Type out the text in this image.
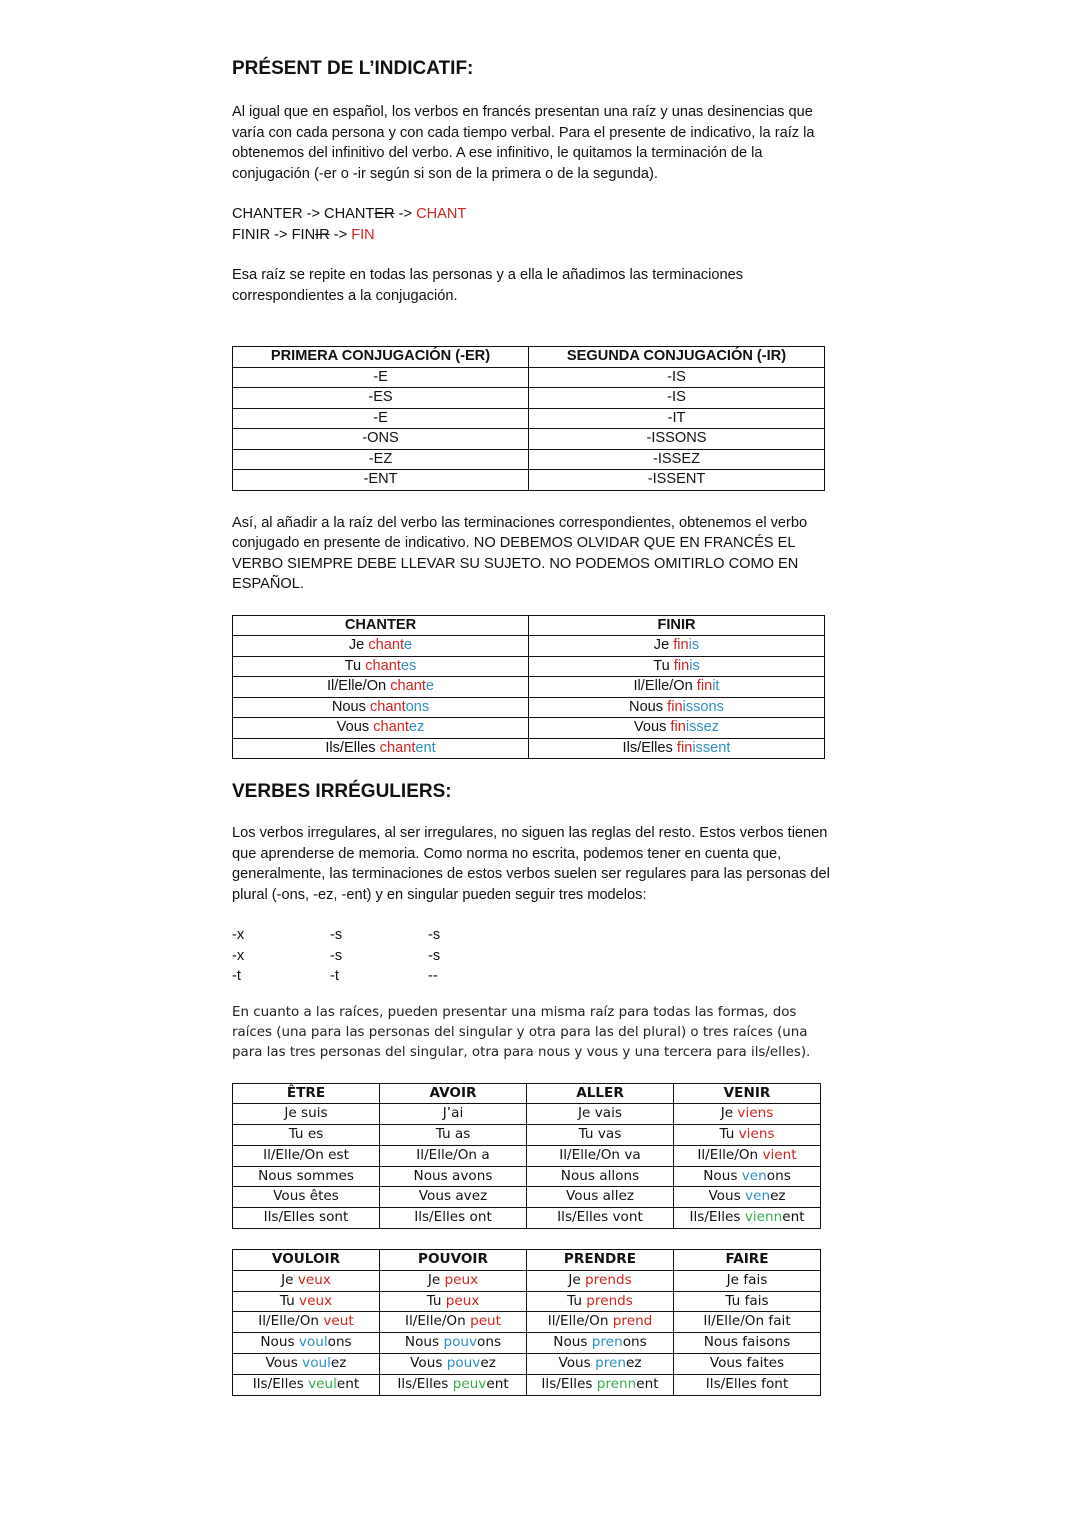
PRÉSENT DE L’INDICATIF:

Al igual que en español, los verbos en francés presentan una raíz y unas desinencias que varía con cada persona y con cada tiempo verbal. Para el presente de indicativo, la raíz la obtenemos del infinitivo del verbo. A ese infinitivo, le quitamos la terminación de la conjugación (-er o -ir según si son de la primera o de la segunda).

CHANTER -> CHANTER -> CHANT
FINIR -> FINIR -> FIN

Esa raíz se repite en todas las personas y a ella le añadimos las terminaciones correspondientes a la conjugación.

PRIMERA CONJUGACIÓN (-ER)	SEGUNDA CONJUGACIÓN (-IR)
-E	-IS
-ES	-IS
-E	-IT
-ONS	-ISSONS
-EZ	-ISSEZ
-ENT	-ISSENT

Así, al añadir a la raíz del verbo las terminaciones correspondientes, obtenemos el verbo conjugado en presente de indicativo. NO DEBEMOS OLVIDAR QUE EN FRANCÉS EL VERBO SIEMPRE DEBE LLEVAR SU SUJETO. NO PODEMOS OMITIRLO COMO EN ESPAÑOL.

CHANTER	FINIR
Je chante	Je finis
Tu chantes	Tu finis
Il/Elle/On chante	Il/Elle/On finit
Nous chantons	Nous finissons
Vous chantez	Vous finissez
Ils/Elles chantent	Ils/Elles finissent
VERBES IRRÉGULIERS:

Los verbos irregulares, al ser irregulares, no siguen las reglas del resto. Estos verbos tienen que aprenderse de memoria. Como norma no escrita, podemos tener en cuenta que, generalmente, las terminaciones de estos verbos suelen ser regulares para las personas del plural (-ons, -ez, -ent) y en singular pueden seguir tres modelos:

-x	-s	-s
-x	-s	-s
-t	-t	--

En cuanto a las raíces, pueden presentar una misma raíz para todas las formas, dos raíces (una para las personas del singular y otra para las del plural) o tres raíces (una para las tres personas del singular, otra para nous y vous y una tercera para ils/elles).

ÊTRE	AVOIR	ALLER	VENIR
Je suis	J’ai	Je vais	Je viens
Tu es	Tu as	Tu vas	Tu viens
Il/Elle/On est	Il/Elle/On a	Il/Elle/On va	Il/Elle/On vient
Nous sommes	Nous avons	Nous allons	Nous venons
Vous êtes	Vous avez	Vous allez	Vous venez
Ils/Elles sont	Ils/Elles ont	Ils/Elles vont	Ils/Elles viennent
VOULOIR	POUVOIR	PRENDRE	FAIRE
Je veux	Je peux	Je prends	Je fais
Tu veux	Tu peux	Tu prends	Tu fais
Il/Elle/On veut	Il/Elle/On peut	Il/Elle/On prend	Il/Elle/On fait
Nous voulons	Nous pouvons	Nous prenons	Nous faisons
Vous voulez	Vous pouvez	Vous prenez	Vous faites
Ils/Elles veulent	Ils/Elles peuvent	Ils/Elles prennent	Ils/Elles font
